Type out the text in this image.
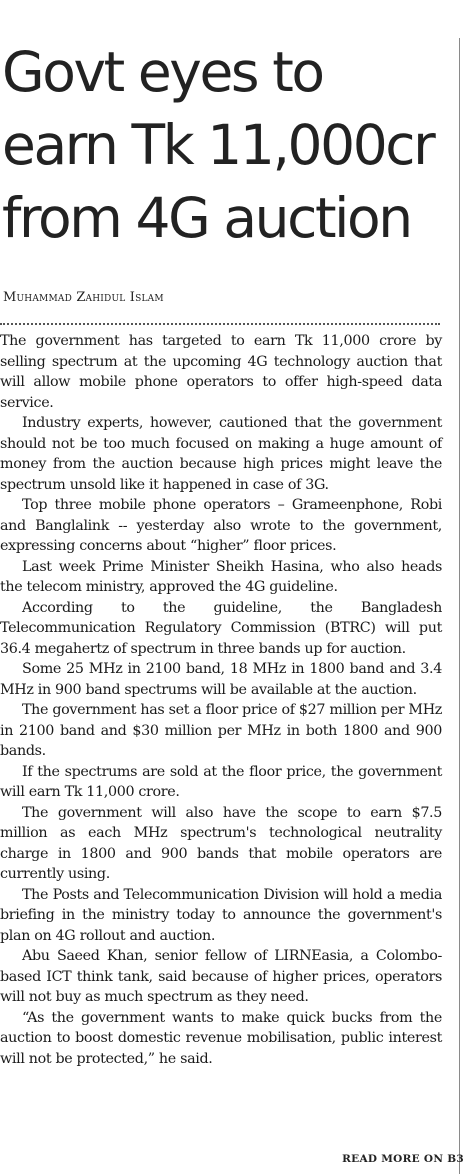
Govt eyes to earn Tk 11,000cr from 4G auction
Muhammad Zahidul Islam

The government has targeted to earn Tk 11,000 crore by selling spectrum at the upcoming 4G technology auction that will allow mobile phone operators to offer high-speed data service.

Industry experts, however, cautioned that the government should not be too much focused on making a huge amount of money from the auction because high prices might leave the spectrum unsold like it happened in case of 3G.

Top three mobile phone operators – Grameenphone, Robi and Banglalink -- yesterday also wrote to the government, expressing concerns about “higher” floor prices.

Last week Prime Minister Sheikh Hasina, who also heads the telecom ministry, approved the 4G guideline.

According to the guideline, the Bangladesh Telecommunication Regulatory Commission (BTRC) will put 36.4 megahertz of spectrum in three bands up for auction.

Some 25 MHz in 2100 band, 18 MHz in 1800 band and 3.4 MHz in 900 band spectrums will be available at the auction.

The government has set a floor price of $27 million per MHz in 2100 band and $30 million per MHz in both 1800 and 900 bands.

If the spectrums are sold at the floor price, the government will earn Tk 11,000 crore.

The government will also have the scope to earn $7.5 million as each MHz spectrum's technological neutrality charge in 1800 and 900 bands that mobile operators are currently using.

The Posts and Telecommunication Division will hold a media briefing in the ministry today to announce the government's plan on 4G rollout and auction.

Abu Saeed Khan, senior fellow of LIRNEasia, a Colombo-based ICT think tank, said because of higher prices, operators will not buy as much spectrum as they need.

“As the government wants to make quick bucks from the auction to boost domestic revenue mobilisation, public interest will not be protected,” he said.

READ MORE ON B3
